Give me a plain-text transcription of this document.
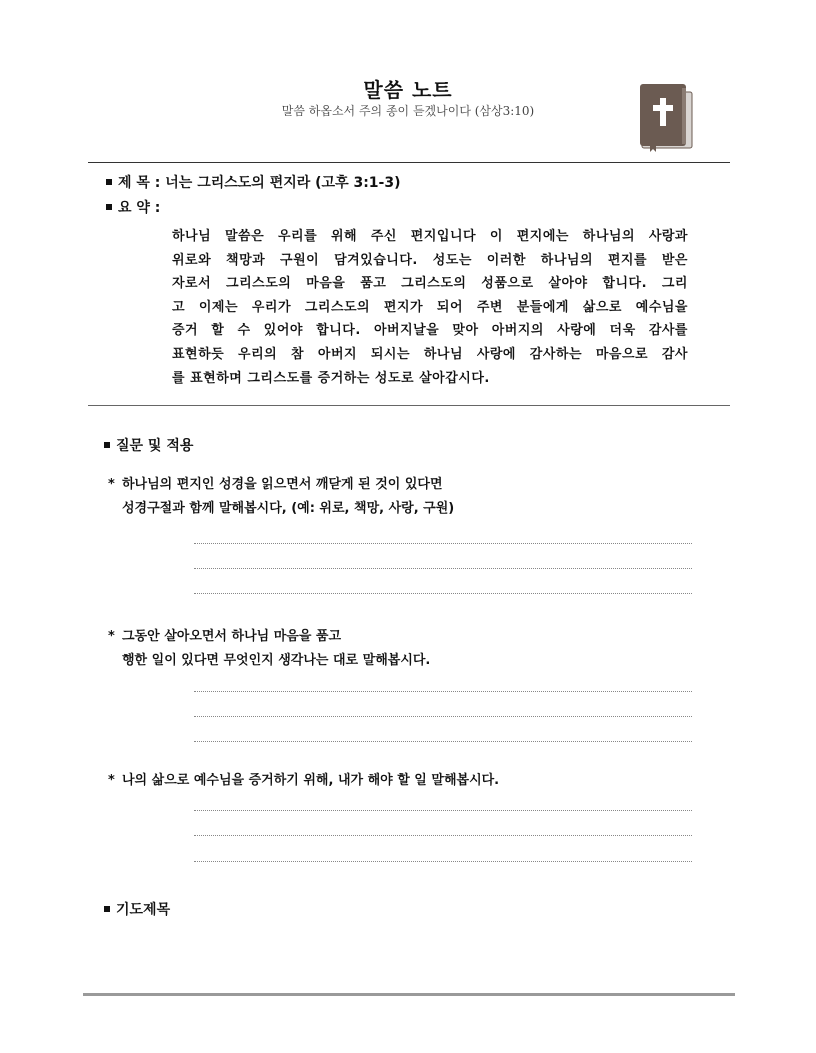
말씀 노트
말씀 하옵소서 주의 종이 듣겠나이다 (삼상3:10)
제 목 : 너는 그리스도의 편지라 (고후 3:1-3)
요 약 :
하나님 말씀은 우리를 위해 주신 편지입니다 이 편지에는 하나님의 사랑과
위로와 책망과 구원이 담겨있습니다. 성도는 이러한 하나님의 편지를 받은
자로서 그리스도의 마음을 품고 그리스도의 성품으로 살아야 합니다. 그리
고 이제는 우리가 그리스도의 편지가 되어 주변 분들에게 삶으로 예수님을
증거 할 수 있어야 합니다. 아버지날을 맞아 아버지의 사랑에 더욱 감사를
표현하듯 우리의 참 아버지 되시는 하나님 사랑에 감사하는 마음으로 감사
를 표현하며 그리스도를 증거하는 성도로 살아갑시다.
질문 및 적용
* 하나님의 편지인 성경을 읽으면서 깨닫게 된 것이 있다면
성경구절과 함께 말해봅시다, (예: 위로, 책망, 사랑, 구원)
* 그동안 살아오면서 하나님 마음을 품고
행한 일이 있다면 무엇인지 생각나는 대로 말해봅시다.
* 나의 삶으로 예수님을 증거하기 위해, 내가 해야 할 일 말해봅시다.
기도제목
